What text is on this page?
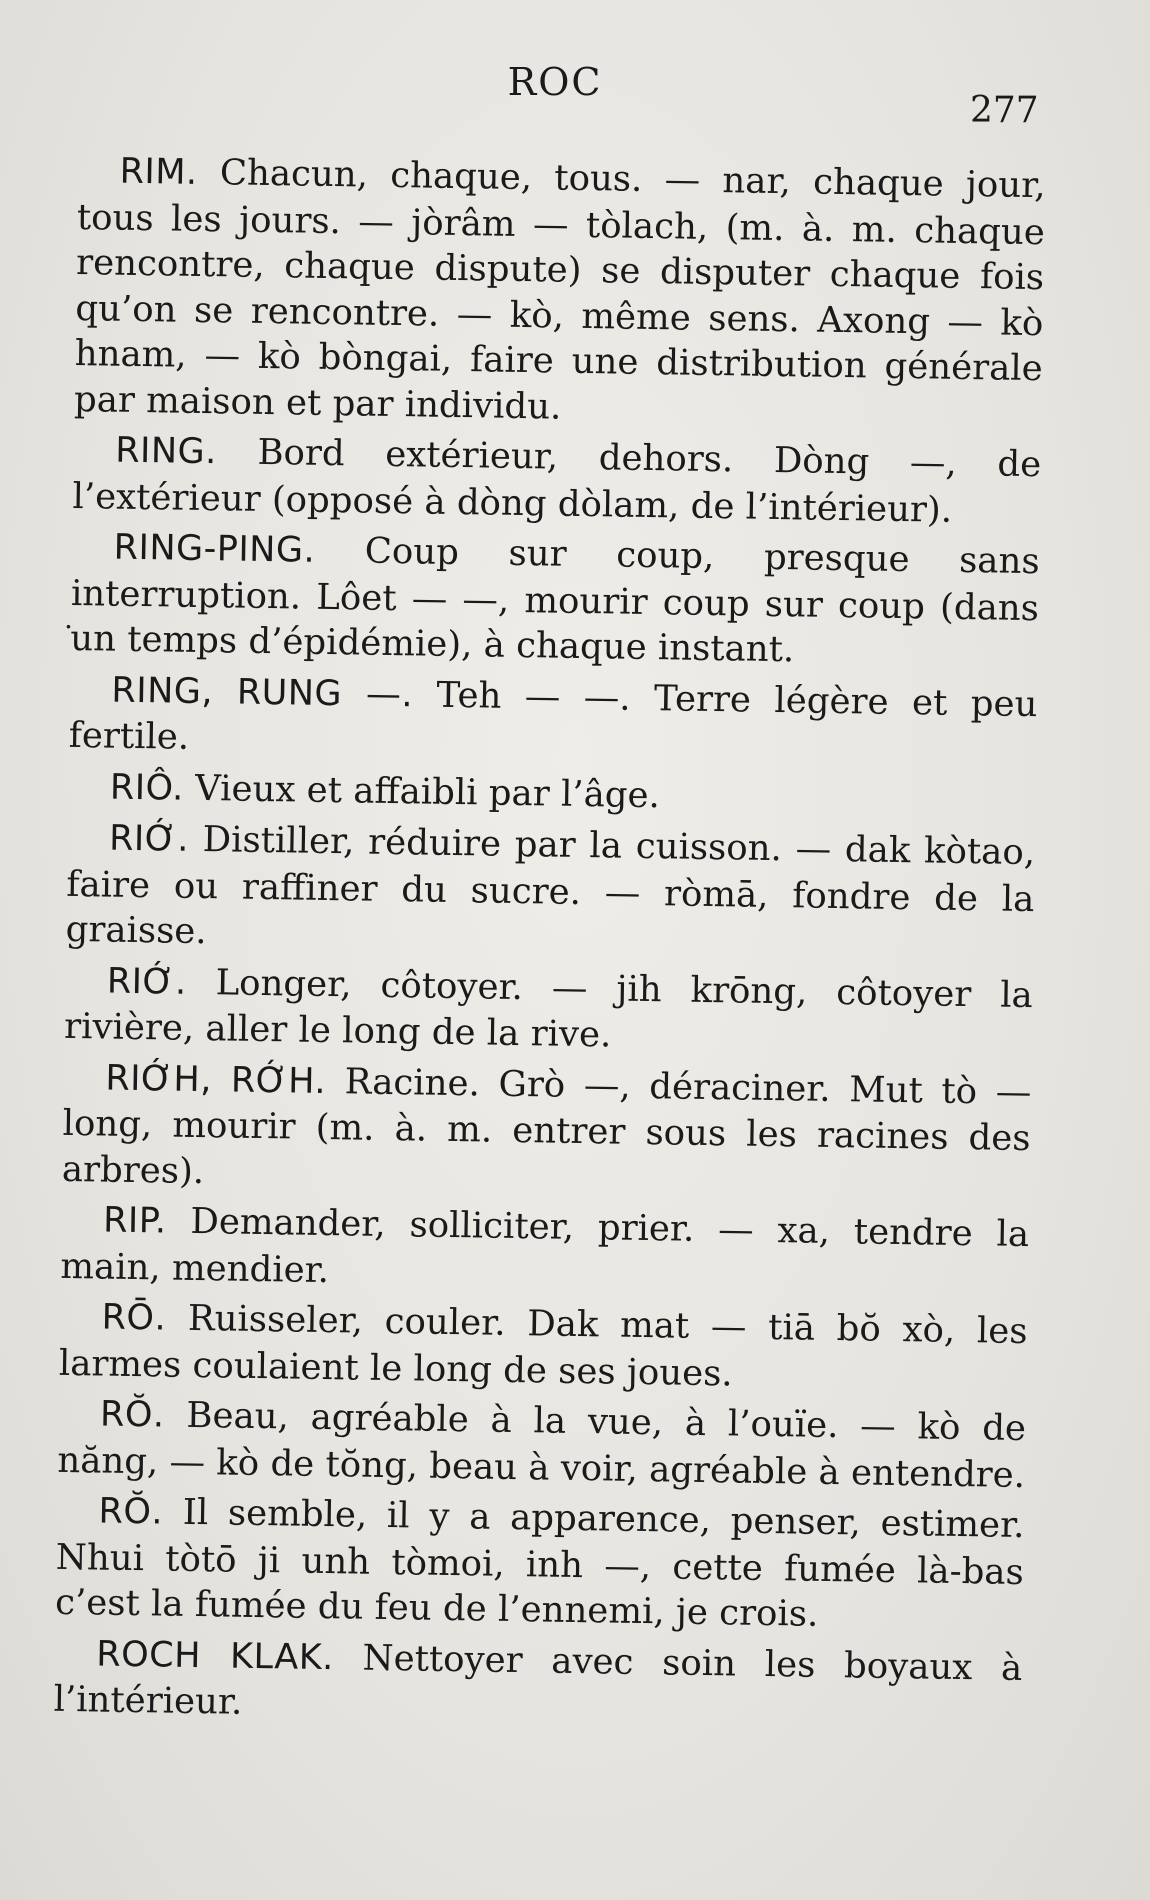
ROC
277
.

RIM . Chacun, chaque, tous. — nar, chaque jour, tous les jours. — jòrâm — tòlach, (m. à. m. chaque rencontre, chaque dispute) se disputer chaque fois qu’on se rencontre. — kò, même sens. Axong — kò hnam, — kò bòngai, faire une distribution générale par maison et par individu.

RING . Bord extérieur, dehors. Dòng —, de l’extérieur (opposé à dòng dòlam, de l’intérieur).

RING-PING . Coup sur coup, presque sans interruption. Lôet — —, mourir coup sur coup (dans un temps d’épidémie), à chaque instant.

RING, RUNG — . Teh — —. Terre légère et peu fertile.

RIÔ . Vieux et affaibli par l’âge.

RIỚ . Distiller, réduire par la cuisson. — dak kòtao, faire ou raffiner du sucre. — ròmā, fondre de la graisse.

RIỚ . Longer, côtoyer. — jih krōng, côtoyer la rivière, aller le long de la rive.

RIỚH, RỚH . Racine. Grò —, déraciner. Mut tò — long, mourir (m. à. m. entrer sous les racines des arbres).

RIP . Demander, solliciter, prier. — xa, tendre la main, mendier.

RŌ . Ruisseler, couler. Dak mat — tiā bŏ xò, les larmes coulaient le long de ses joues.

RŎ . Beau, agréable à la vue, à l’ouïe. — kò de năng, — kò de tŏng, beau à voir, agréable à entendre.

RŎ . Il semble, il y a apparence, penser, estimer.Nhui tòtō ji unh tòmoi, inh —, cette fumée là-bas c’est la fumée du feu de l’ennemi, je crois.

ROCH KLAK . Nettoyer avec soin les boyaux à l’intérieur.
